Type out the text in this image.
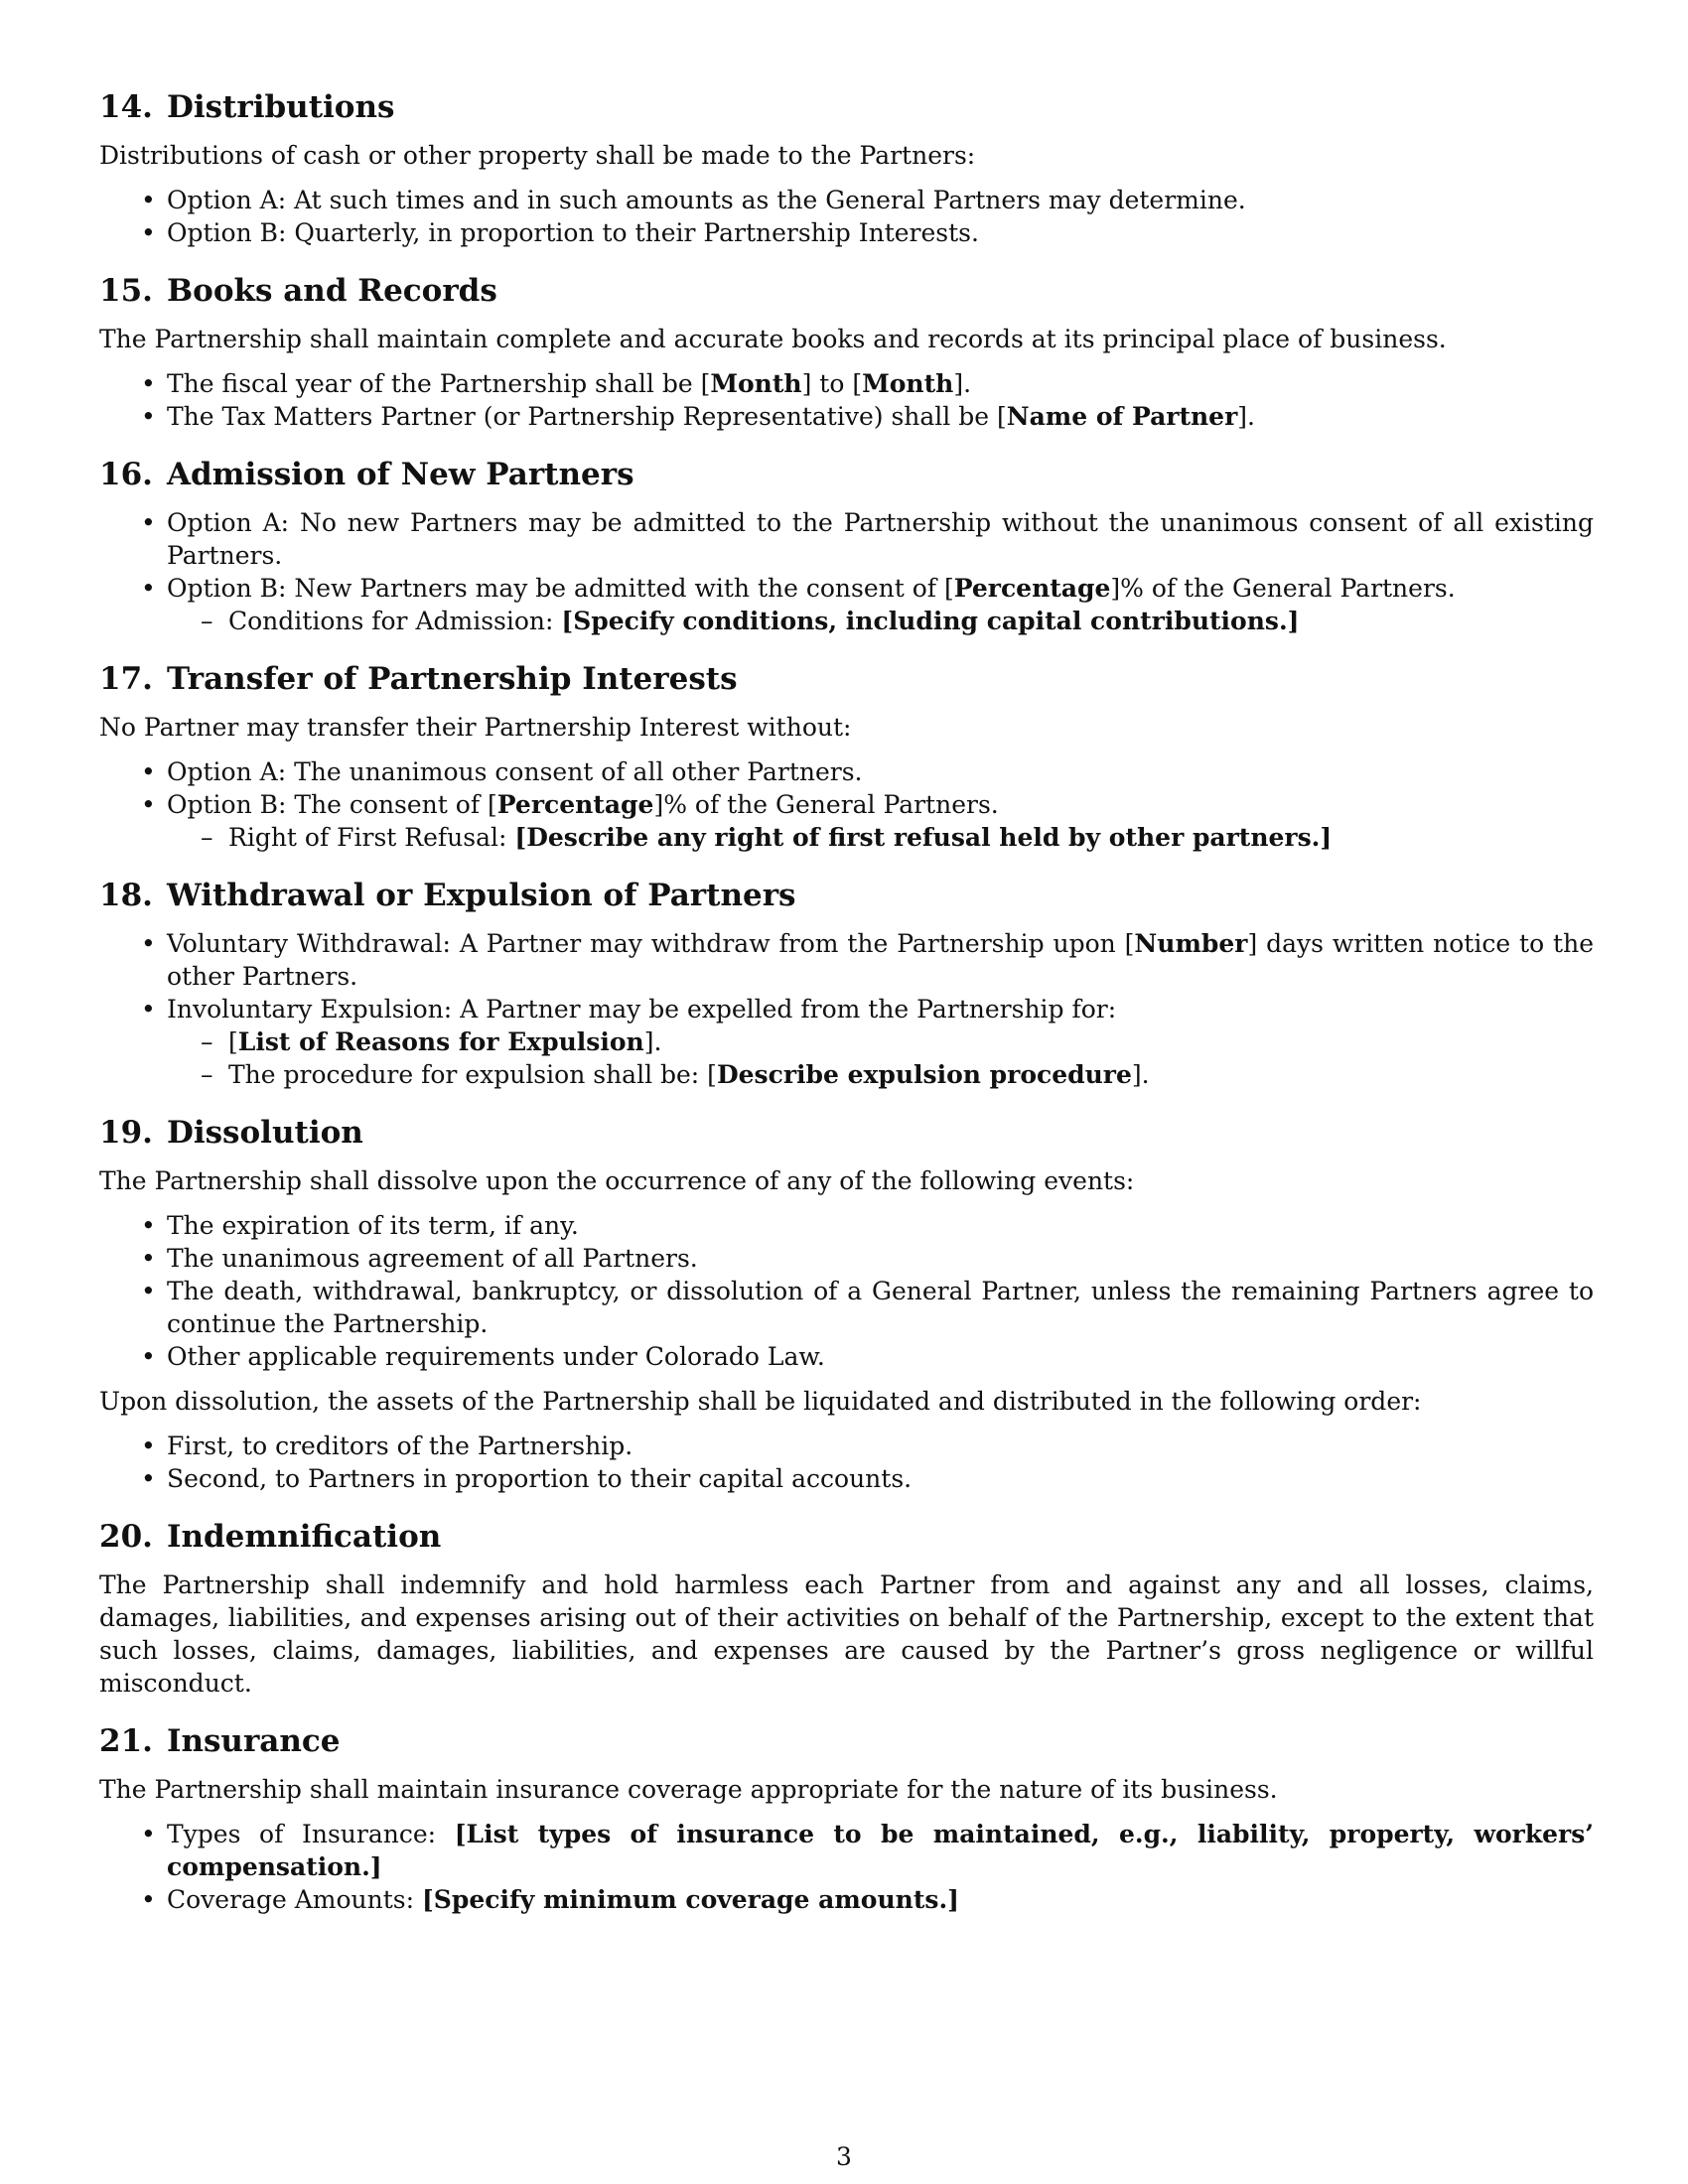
14. Distributions

Distributions of cash or other property shall be made to the Partners:

• Option A: At such times and in such amounts as the General Partners may determine.
• Option B: Quarterly, in proportion to their Partnership Interests.
15. Books and Records

The Partnership shall maintain complete and accurate books and records at its principal place of business.

• The fiscal year of the Partnership shall be [Month] to [Month].
• The Tax Matters Partner (or Partnership Representative) shall be [Name of Partner].
16. Admission of New Partners
• Option A: No new Partners may be admitted to the Partnership without the unanimous consent of all existing Partners.
• Option B: New Partners may be admitted with the consent of [Percentage]% of the General Partners.
– Conditions for Admission: [Specify conditions, including capital contributions.]
17. Transfer of Partnership Interests

No Partner may transfer their Partnership Interest without:

• Option A: The unanimous consent of all other Partners.
• Option B: The consent of [Percentage]% of the General Partners.
– Right of First Refusal: [Describe any right of first refusal held by other partners.]
18. Withdrawal or Expulsion of Partners
• Voluntary Withdrawal: A Partner may withdraw from the Partnership upon [Number] days written notice to the other Partners.
• Involuntary Expulsion: A Partner may be expelled from the Partnership for:
– [List of Reasons for Expulsion].
– The procedure for expulsion shall be: [Describe expulsion procedure].
19. Dissolution

The Partnership shall dissolve upon the occurrence of any of the following events:

• The expiration of its term, if any.
• The unanimous agreement of all Partners.
• The death, withdrawal, bankruptcy, or dissolution of a General Partner, unless the remaining Partners agree to continue the Partnership.
• Other applicable requirements under Colorado Law.

Upon dissolution, the assets of the Partnership shall be liquidated and distributed in the following order:

• First, to creditors of the Partnership.
• Second, to Partners in proportion to their capital accounts.
20. Indemnification

The Partnership shall indemnify and hold harmless each Partner from and against any and all losses, claims, damages, liabilities, and expenses arising out of their activities on behalf of the Partnership, except to the extent that such losses, claims, damages, liabilities, and expenses are caused by the Partner’s gross negligence or willful misconduct.

21. Insurance

The Partnership shall maintain insurance coverage appropriate for the nature of its business.

• Types of Insurance: [List types of insurance to be maintained, e.g., liability, property, workers’ compensation.]
• Coverage Amounts: [Specify minimum coverage amounts.]
3
